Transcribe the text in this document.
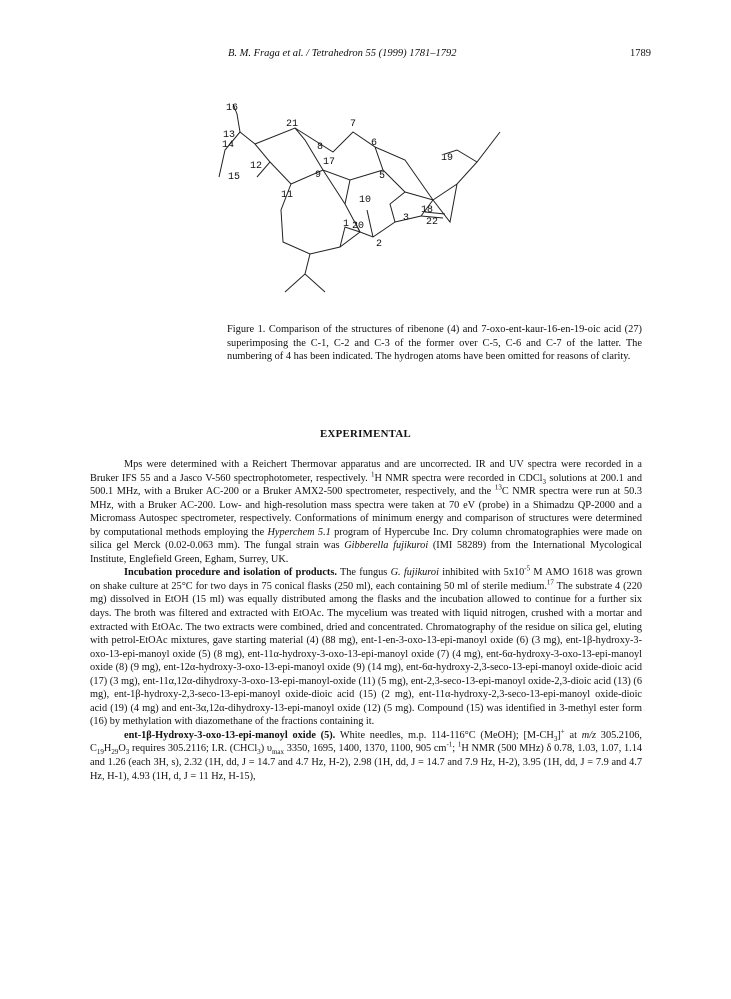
B. M. Fraga et al. / Tetrahedron 55 (1999) 1781–1792	1789
16
13
14
21	7
6
17	19
8
15
12
9	5
10
11
18
3 22
1 20
2
Figure 1. Comparison of the structures of ribenone (4) and 7-oxo-ent-kaur-16-en-19-oic acid (27) superimposing the C-1, C-2 and C-3 of the former over C-5, C-6 and C-7 of the latter. The numbering of 4 has been indicated. The hydrogen atoms have been omitted for reasons of clarity.
EXPERIMENTAL

Mps were determined with a Reichert Thermovar apparatus and are uncorrected. IR and UV spectra were recorded in a Bruker IFS 55 and a Jasco V-560 spectrophotometer, respectively. $^1$H NMR spectra were recorded in CDCl$_3$ solutions at 200.1 and 500.1 MHz, with a Bruker AC-200 or a Bruker AMX2-500 spectrometer, respectively, and the $^{13}$C NMR spectra were run at 50.3 MHz, with a Bruker AC-200. Low- and high-resolution mass spectra were taken at 70 eV (probe) in a Shimadzu QP-2000 and a Micromass Autospec spectrometer, respectively. Conformations of minimum energy and comparison of structures were determined by computational methods employing the Hyperchem 5.1 program of Hypercube Inc. Dry column chromatographies were made on silica gel Merck (0.02-0.063 mm). The fungal strain was Gibberella fujikuroi (IMI 58289) from the International Mycological Institute, Englefield Green, Egham, Surrey, UK.

Incubation procedure and isolation of products. The fungus G. fujikuroi inhibited with $5x10^{-5}$ M AMO 1618 was grown on shake culture at 25°C for two days in 75 conical flasks (250 ml), each containing 50 ml of sterile medium.$^{17}$ The substrate 4 (220 mg) dissolved in EtOH (15 ml) was equally distributed among the flasks and the incubation allowed to continue for a further six days. The broth was filtered and extracted with EtOAc. The mycelium was treated with liquid nitrogen, crushed with a mortar and extracted with EtOAc. The two extracts were combined, dried and concentrated. Chromatography of the residue on silica gel, eluting with petrol-EtOAc mixtures, gave starting material (4) (88 mg), ent-1-en-3-oxo-13-epi-manoyl oxide (6) (3 mg), ent-1β-hydroxy-3-oxo-13-epi-manoyl oxide (5) (8 mg), ent-11α-hydroxy-3-oxo-13-epi-manoyl oxide (7) (4 mg), ent-6α-hydroxy-3-oxo-13-epi-manoyl oxide (8) (9 mg), ent-12α-hydroxy-3-oxo-13-epi-manoyl oxide (9) (14 mg), ent-6α-hydroxy-2,3-seco-13-epi-manoyl oxide-dioic acid (17) (3 mg), ent-11α,12α-dihydroxy-3-oxo-13-epi-manoyl-oxide (11) (5 mg), ent-2,3-seco-13-epi-manoyl oxide-2,3-dioic acid (13) (6 mg), ent-1β-hydroxy-2,3-seco-13-epi-manoyl oxide-dioic acid (15) (2 mg), ent-11α-hydroxy-2,3-seco-13-epi-manoyl oxide-dioic acid (19) (4 mg) and ent-3α,12α-dihydroxy-13-epi-manoyl oxide (12) (5 mg). Compound (15) was identified in 3-methyl ester form (16) by methylation with diazomethane of the fractions containing it.

ent-1β-Hydroxy-3-oxo-13-epi-manoyl oxide (5). White needles, m.p. 114-116°C (MeOH); $[M-CH_3]^+$ at m/z 305.2106, $C_{19}H_{29}O_3$ requires 305.2116; I.R. (CHCl$_3$) $\upsilon_{max}$ 3350, 1695, 1400, 1370, 1100, 905 $cm^{-1}$; $^1$H NMR (500 MHz) δ 0.78, 1.03, 1.07, 1.14 and 1.26 (each 3H, s), 2.32 (1H, dd, J = 14.7 and 4.7 Hz, H-2), 2.98 (1H, dd, J = 14.7 and 7.9 Hz, H-2), 3.95 (1H, dd, J = 7.9 and 4.7 Hz, H-1), 4.93 (1H, d, J = 11 Hz, H-15),
